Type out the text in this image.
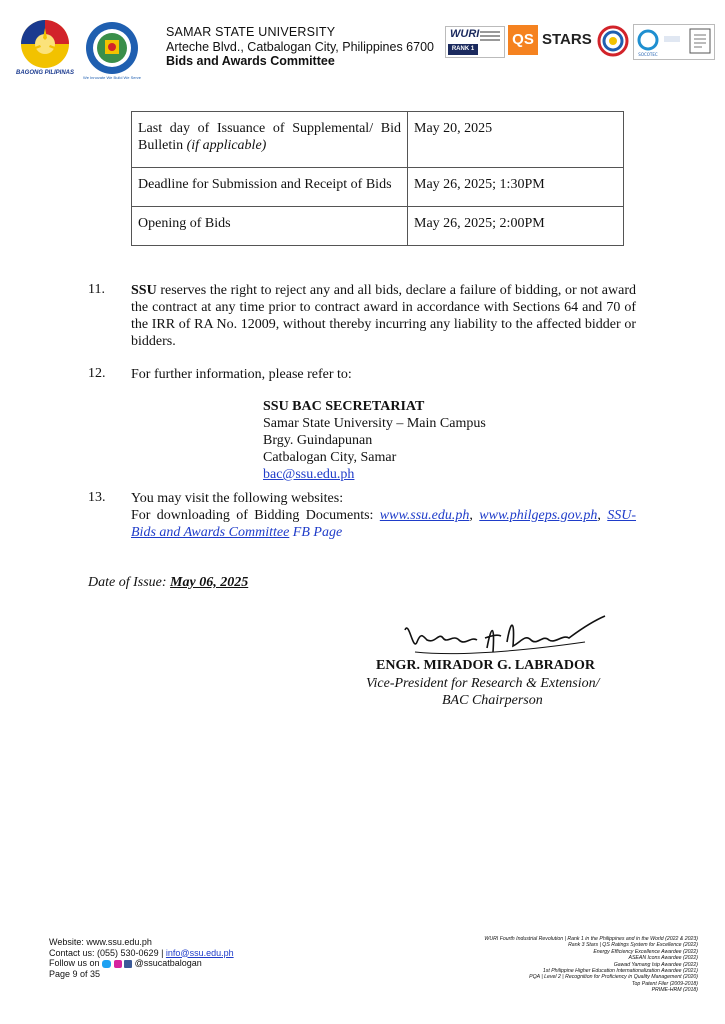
BAGONG PILIPINAS
We Innovate We Build We Serve
SAMAR STATE UNIVERSITY
Arteche Blvd., Catbalogan City, Philippines 6700
Bids and Awards Committee
WURI
RANK 1
QS STARS
SOCOTEC
Last day of Issuance of Supplemental/ Bid Bulletin (if applicable)	May 20, 2025
Deadline for Submission and Receipt of Bids	May 26, 2025; 1:30PM
Opening of Bids	May 26, 2025; 2:00PM
11. SSU reserves the right to reject any and all bids, declare a failure of bidding, or not award the contract at any time prior to contract award in accordance with Sections 64 and 70 of the IRR of RA No. 12009, without thereby incurring any liability to the affected bidder or bidders.
12. For further information, please refer to:
SSU BAC SECRETARIAT
Samar State University – Main Campus
Brgy. Guindapunan
Catbalogan City, Samar
bac@ssu.edu.ph
13. You may visit the following websites:
For downloading of Bidding Documents: www.ssu.edu.ph, www.philgeps.gov.ph, SSU-Bids and Awards Committee FB Page
Date of Issue: May 06, 2025
ENGR. MIRADOR G. LABRADOR
Vice-President for Research & Extension/
BAC Chairperson
Website: www.ssu.edu.ph
Contact us: (055) 530-0629 | info@ssu.edu.ph
Follow us on	@ssucatbalogan
Page 9 of 35
WURI Fourth Industrial Revolution | Rank 1 in the Philippines and in the World (2022 & 2023)
Rank 3 Stars | QS Ratings System for Excellence (2022)
Energy Efficiency Excellence Awardee (2022)
ASEAN Icons Awardee (2022)
Gawad Yamang Isip Awardee (2022)
1st Philippine Higher Education Internationalization Awardee (2021)
PQA | Level 2 | Recognition for Proficiency in Quality Management (2020)
Top Patent Filer (2009-2018)
PRIME-HRM (2018)
